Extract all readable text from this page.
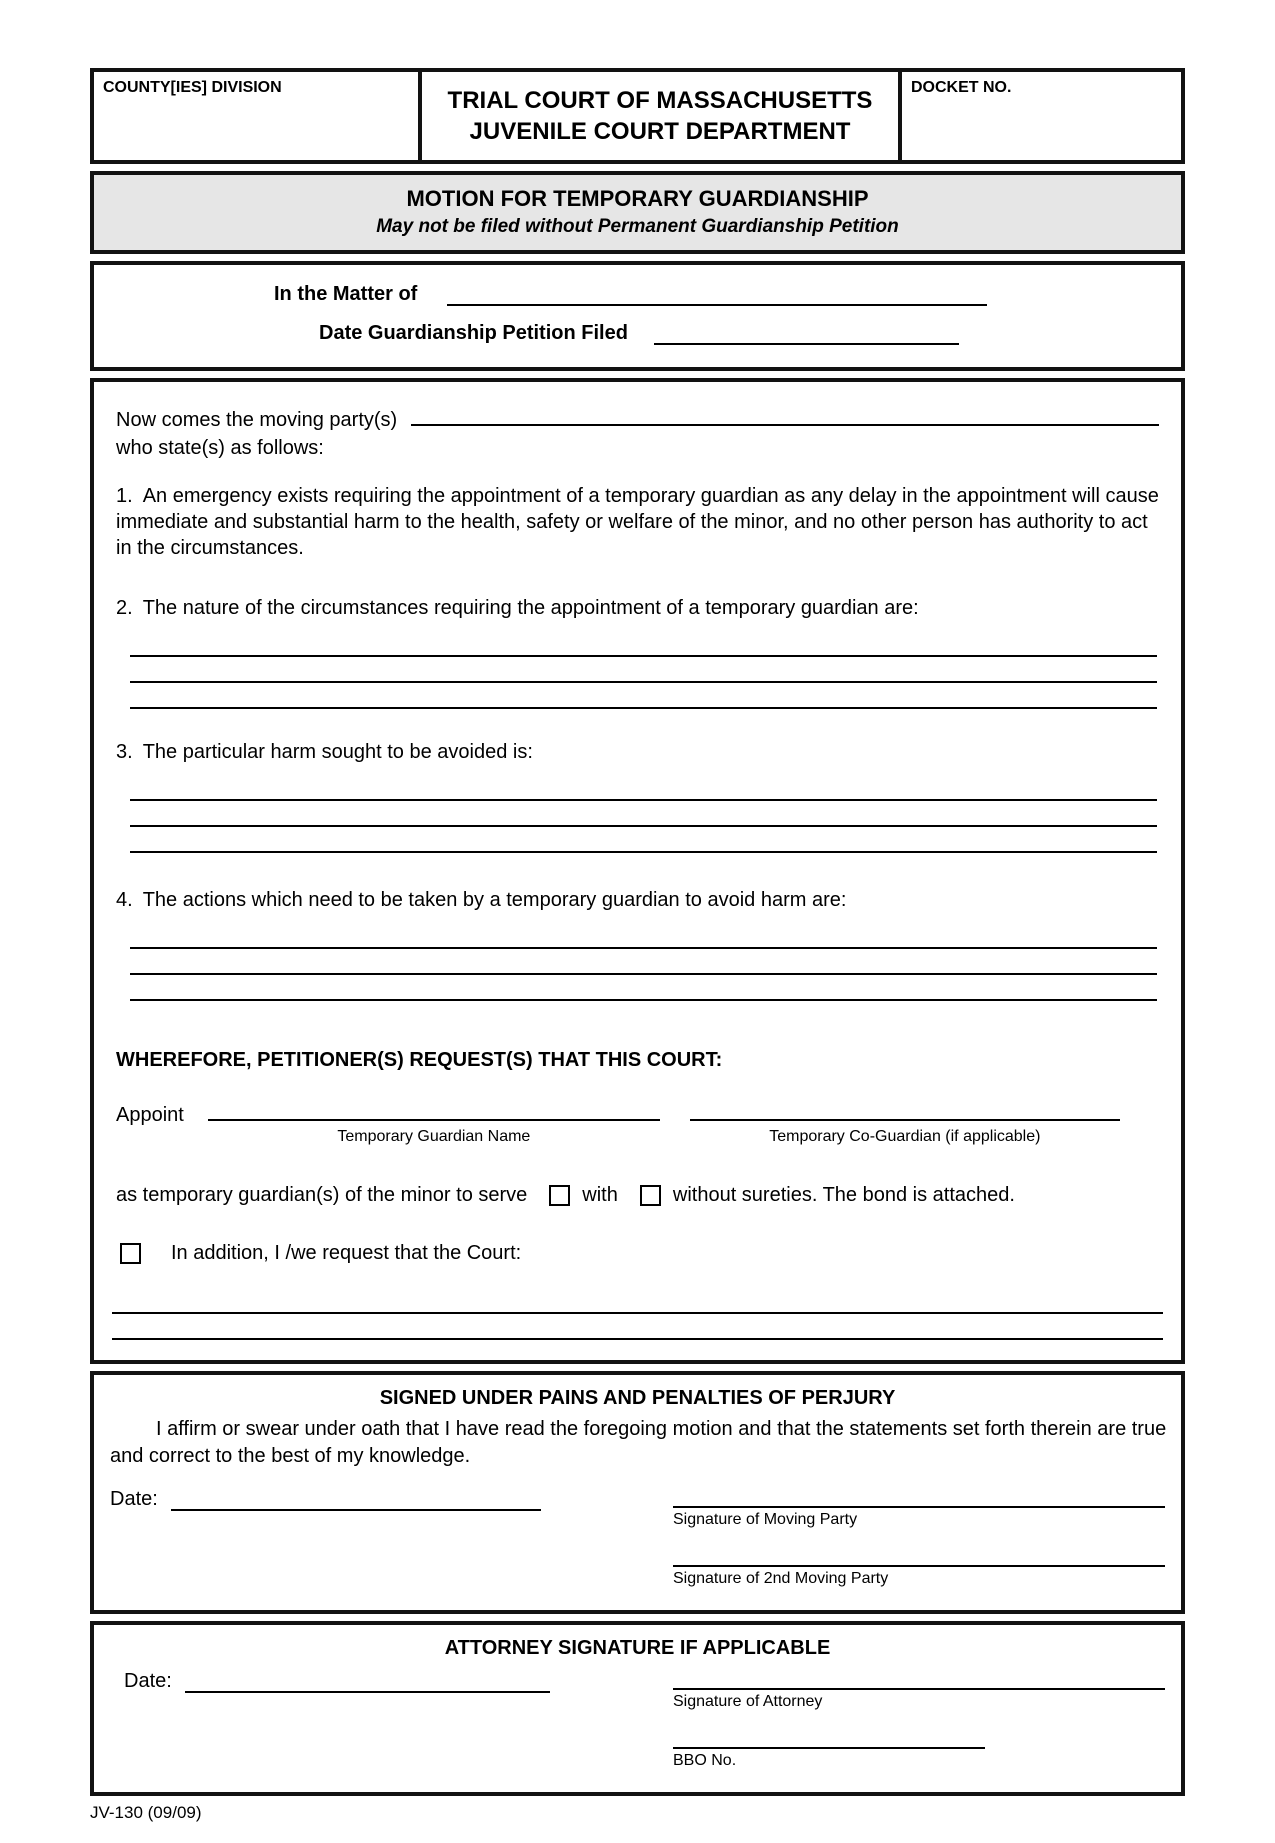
COUNTY[IES] DIVISION	TRIAL COURT OF MASSACHUSETTS
JUVENILE COURT DEPARTMENT
DOCKET NO.
MOTION FOR TEMPORARY GUARDIANSHIP
May not be filed without Permanent Guardianship Petition
In the Matter of
Date Guardianship Petition Filed
Now comes the moving party(s)
who state(s) as follows:

1. An emergency exists requiring the appointment of a temporary guardian as any delay in the appointment will cause immediate and substantial harm to the health, safety or welfare of the minor, and no other person has authority to act in the circumstances.

2. The nature of the circumstances requiring the appointment of a temporary guardian are:

3. The particular harm sought to be avoided is:

4. The actions which need to be taken by a temporary guardian to avoid harm are:

WHEREFORE, PETITIONER(S) REQUEST(S) THAT THIS COURT:
Appoint
Temporary Guardian Name	Temporary Co-Guardian (if applicable)
as temporary guardian(s) of the minor to serve	with	without sureties. The bond is attached.
In addition, I /we request that the Court:
SIGNED UNDER PAINS AND PENALTIES OF PERJURY

I affirm or swear under oath that I have read the foregoing motion and that the statements set forth therein are true and correct to the best of my knowledge.

Date:
Signature of Moving Party
Signature of 2nd Moving Party
ATTORNEY SIGNATURE IF APPLICABLE
Date:
Signature of Attorney
BBO No.
JV-130 (09/09)
